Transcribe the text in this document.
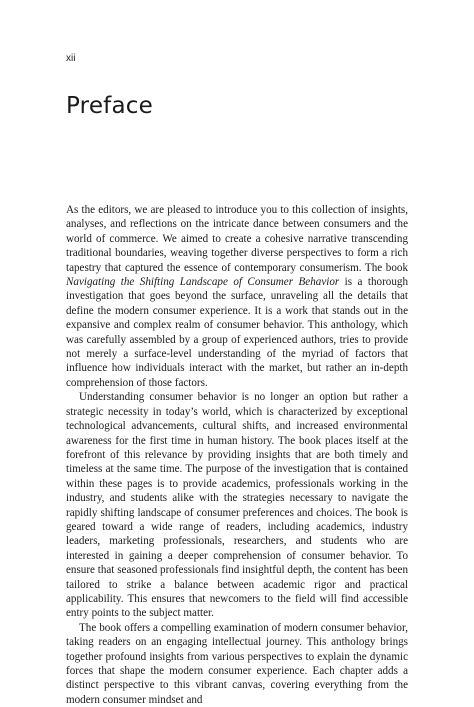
xii
Preface

As the editors, we are pleased to introduce you to this collection of insights, analyses, and reflections on the intricate dance between consumers and the world of commerce. We aimed to create a cohesive narrative transcending traditional boundaries, weaving together diverse perspectives to form a rich tapestry that captured the essence of contemporary consumerism. The book Navigating the Shifting Landscape of Consumer Behavior is a thorough investigation that goes beyond the surface, unraveling all the details that define the modern consumer experience. It is a work that stands out in the expansive and complex realm of consumer behavior. This anthology, which was carefully assembled by a group of experienced authors, tries to provide not merely a surface-level understanding of the myriad of factors that influence how individuals interact with the market, but rather an in-depth comprehension of those factors.

Understanding consumer behavior is no longer an option but rather a strategic necessity in today’s world, which is characterized by exceptional technological advancements, cultural shifts, and increased environmental awareness for the first time in human history. The book places itself at the forefront of this relevance by providing insights that are both timely and timeless at the same time. The purpose of the investigation that is contained within these pages is to provide academics, professionals working in the industry, and students alike with the strategies necessary to navigate the rapidly shifting landscape of consumer preferences and choices. The book is geared toward a wide range of readers, including academics, industry leaders, marketing professionals, researchers, and students who are interested in gaining a deeper comprehension of consumer behavior. To ensure that seasoned professionals find insightful depth, the content has been tailored to strike a balance between academic rigor and practical applicability. This ensures that newcomers to the field will find accessible entry points to the subject matter.

The book offers a compelling examination of modern consumer behavior, taking readers on an engaging intellectual journey. This anthology brings together profound insights from various perspectives to explain the dynamic forces that shape the modern consumer experience. Each chapter adds a distinct perspective to this vibrant canvas, covering everything from the modern consumer mindset and
